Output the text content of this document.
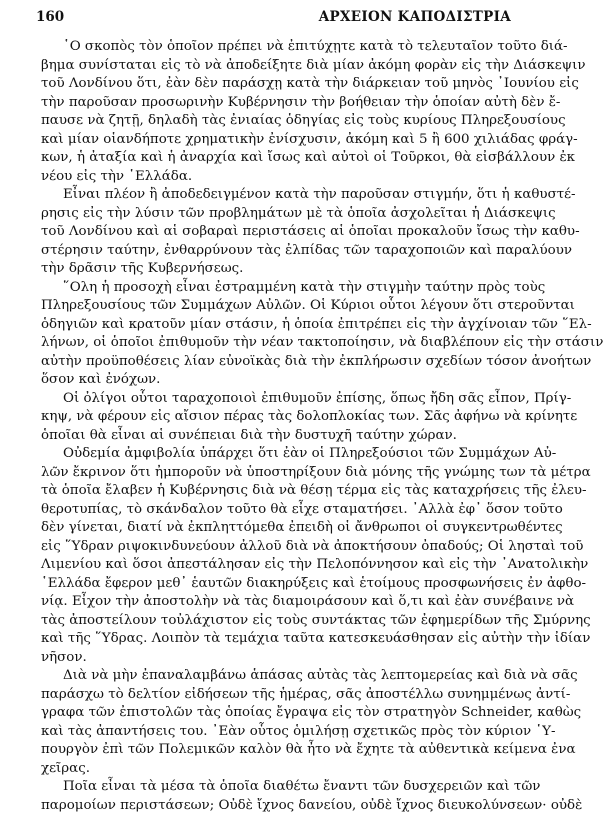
160	ΑΡΧΕΙΟΝ ΚΑΠΟΔΙΣΤΡΙΑ
῾Ο σκοπὸς τὸν ὁποῖον πρέπει νὰ ἐπιτύχῃτε κατὰ τὸ τελευταῖον τοῦτο διά-
βημα συνίσταται εἰς τὸ νὰ ἀποδείξητε διὰ μίαν ἀκόμη φορὰν εἰς τὴν Διάσκεψιν
τοῦ Λονδίνου ὅτι, ἐὰν δὲν παράσχῃ κατὰ τὴν διάρκειαν τοῦ μηνὸς ᾿Ιουνίου εἰς
τὴν παροῦσαν προσωρινὴν Κυβέρνησιν τὴν βοήθειαν τὴν ὁποίαν αὐτὴ δὲν ἔ-
παυσε νὰ ζητῇ, δηλαδὴ τὰς ἐνιαίας ὁδηγίας εἰς τοὺς κυρίους Πληρεξουσίους
καὶ μίαν οἱανδήποτε χρηματικὴν ἐνίσχυσιν, ἀκόμη καὶ 5 ἢ 600 χιλιάδας φράγ-
κων, ἡ ἀταξία καὶ ἡ ἀναρχία καὶ ἴσως καὶ αὐτοὶ οἱ Τοῦρκοι, θὰ εἰσβάλλουν ἐκ
νέου εἰς τὴν ῾Ελλάδα.
Εἶναι πλέον ἢ ἀποδεδειγμένον κατὰ τὴν παροῦσαν στιγμήν, ὅτι ἡ καθυστέ-
ρησις εἰς τὴν λύσιν τῶν προβλημάτων μὲ τὰ ὁποῖα ἀσχολεῖται ἡ Διάσκεψις
τοῦ Λονδίνου καὶ αἱ σοβαραὶ περιστάσεις αἱ ὁποῖαι προκαλοῦν ἴσως τὴν καθυ-
στέρησιν ταύτην, ἐνθαρρύνουν τὰς ἐλπίδας τῶν ταραχοποιῶν καὶ παραλύουν
τὴν δρᾶσιν τῆς Κυβερνήσεως.
῞Ολη ἡ προσοχὴ εἶναι ἐστραμμένη κατὰ τὴν στιγμὴν ταύτην πρὸς τοὺς
Πληρεξουσίους τῶν Συμμάχων Αὐλῶν. Οἱ Κύριοι οὗτοι λέγουν ὅτι στεροῦνται
ὁδηγιῶν καὶ κρατοῦν μίαν στάσιν, ἡ ὁποία ἐπιτρέπει εἰς τὴν ἀγχίνοιαν τῶν ῞Ελ-
λήνων, οἱ ὁποῖοι ἐπιθυμοῦν τὴν νέαν τακτοποίησιν, νὰ διαβλέπουν εἰς τὴν στάσιν
αὐτὴν προϋποθέσεις λίαν εὐνοϊκὰς διὰ τὴν ἐκπλήρωσιν σχεδίων τόσον ἀνοήτων
ὅσον καὶ ἐνόχων.
Οἱ ὀλίγοι οὗτοι ταραχοποιοὶ ἐπιθυμοῦν ἐπίσης, ὅπως ἤδη σᾶς εἶπον, Πρίγ-
κηψ, νὰ φέρουν εἰς αἴσιον πέρας τὰς δολοπλοκίας των. Σᾶς ἀφήνω νὰ κρίνητε
ὁποῖαι θὰ εἶναι αἱ συνέπειαι διὰ τὴν δυστυχῆ ταύτην χώραν.
Οὐδεμία ἀμφιβολία ὑπάρχει ὅτι ἐὰν οἱ Πληρεξούσιοι τῶν Συμμάχων Αὐ-
λῶν ἔκρινον ὅτι ἠμποροῦν νὰ ὑποστηρίξουν διὰ μόνης τῆς γνώμης των τὰ μέτρα
τὰ ὁποῖα ἔλαβεν ἡ Κυβέρνησις διὰ νὰ θέσῃ τέρμα εἰς τὰς καταχρήσεις τῆς ἐλευ-
θεροτυπίας, τὸ σκάνδαλον τοῦτο θὰ εἶχε σταματήσει. ᾿Αλλὰ ἐφ᾿ ὅσον τοῦτο
δὲν γίνεται, διατί νὰ ἐκπληττόμεθα ἐπειδὴ οἱ ἄνθρωποι οἱ συγκεντρωθέντες
εἰς ῞Υδραν ριψοκινδυνεύουν ἀλλοῦ διὰ νὰ ἀποκτήσουν ὀπαδούς; Οἱ λησταὶ τοῦ
Λιμενίου καὶ ὅσοι ἀπεστάλησαν εἰς τὴν Πελοπόννησον καὶ εἰς τὴν ᾿Ανατολικὴν
῾Ελλάδα ἔφερον μεθ᾿ ἑαυτῶν διακηρύξεις καὶ ἑτοίμους προσφωνήσεις ἐν ἀφθο-
νίᾳ. Εἶχον τὴν ἀποστολὴν νὰ τὰς διαμοιράσουν καὶ ὅ,τι καὶ ἐὰν συνέβαινε νὰ
τὰς ἀποστείλουν τοὐλάχιστον εἰς τοὺς συντάκτας τῶν ἐφημερίδων τῆς Σμύρνης
καὶ τῆς ῞Υδρας. Λοιπὸν τὰ τεμάχια ταῦτα κατεσκευάσθησαν εἰς αὐτὴν τὴν ἰδίαν
νῆσον.
Διὰ νὰ μὴν ἐπαναλαμβάνω ἁπάσας αὐτὰς τὰς λεπτομερείας καὶ διὰ νὰ σᾶς
παράσχω τὸ δελτίον εἰδήσεων τῆς ἡμέρας, σᾶς ἀποστέλλω συνημμένως ἀντί-
γραφα τῶν ἐπιστολῶν τὰς ὁποίας ἔγραψα εἰς τὸν στρατηγὸν Schneider, καθὼς
καὶ τὰς ἀπαντήσεις του. ᾿Εὰν οὗτος ὁμιλήσῃ σχετικῶς πρὸς τὸν κύριον ῾Υ-
πουργὸν ἐπὶ τῶν Πολεμικῶν καλὸν θὰ ἦτο νὰ ἔχητε τὰ αὐθεντικὰ κείμενα ἐνα
χεῖρας.
Ποῖα εἶναι τὰ μέσα τὰ ὁποῖα διαθέτω ἔναντι τῶν δυσχερειῶν καὶ τῶν
παρομοίων περιστάσεων; Οὐδὲ ἴχνος δανείου, οὐδὲ ἴχνος διευκολύνσεων· οὐδὲ
